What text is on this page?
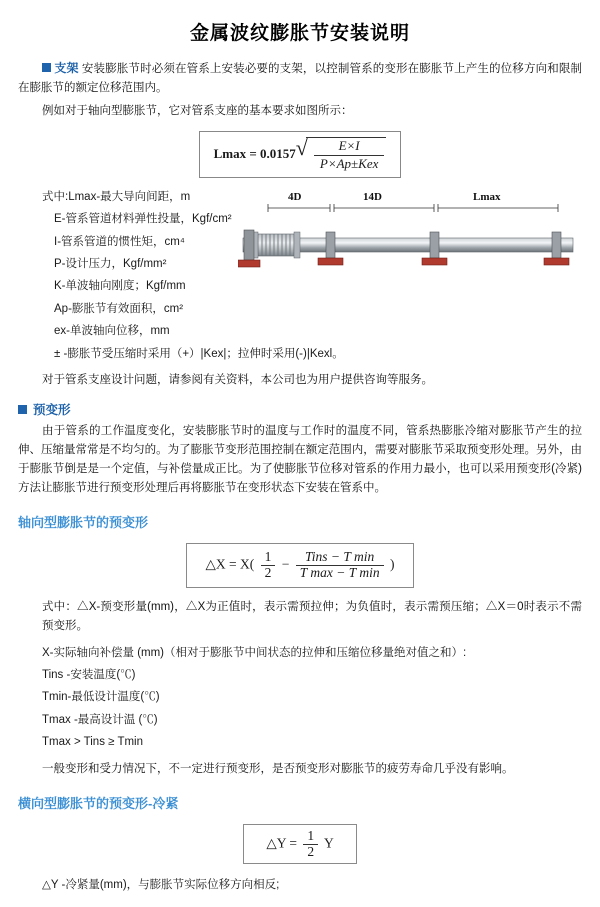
金属波纹膨胀节安装说明
支架 安装膨胀节时必须在管系上安装必要的支架，以控制管系的变形在膨胀节上产生的位移方向和限制在膨胀节的额定位移范围内。
例如对于轴向型膨胀节，它对管系支座的基本要求如图所示：
Lmax = 0.0157 √ $\frac{E\times I}{\text{P×Ap±Kex}}$
式中:Lmax-最大导向间距，m
E-管系管道材料弹性投量，Kgf/cm²
I-管系管道的惯性矩，cm⁴
P-设计压力，Kgf/mm²
K-单波轴向刚度；Kgf/mm
Ap-膨胀节有效面积，cm²
ex-单波轴向位移，mm
± -膨胀节受压缩时采用（+）|Kex|；拉伸时采用(-)|Kexl。
4D	14D	Lmax
对于管系支座设计问题，请参阅有关资料，本公司也为用户提供咨询等服务。
预变形
由于管系的工作温度变化，安装膨胀节时的温度与工作时的温度不同，管系热膨胀冷缩对膨胀节产生的拉伸、压缩量常常是不均匀的。为了膨胀节变形范围控制在额定范围内，需要对膨胀节采取预变形处理。另外，由于膨胀节倒是是一个定值，与补偿量成正比。为了使膨胀节位移对管系的作用力最小，也可以采用预变形(冷紧)方法让膨胀节进行预变形处理后再将膨胀节在变形状态下安装在管系中。
轴向型膨胀节的预变形
△X = $X( \frac{1}{2} - \frac{\text{Tins − T min}}{\text{T max − T min}}$ )
式中：△X-预变形量(mm)，△X为正值时，表示需预拉伸；为负值时，表示需预压缩；△X＝0时表示不需预变形。
X-实际轴向补偿量 (mm)（相对于膨胀节中间状态的拉伸和压缩位移量绝对值之和）:
Tins -安装温度(℃)
Tmin-最低设计温度(℃)
Tmax -最高设计温 (℃)
Tmax > Tins ≥ Tmin
一般变形和受力情况下，不一定进行预变形，是否预变形对膨胀节的疲劳寿命几乎没有影响。
横向型膨胀节的预变形-冷紧
△Y = $\frac{1}{2}$ Y
△Y -冷紧量(mm)，与膨胀节实际位移方向相反;
